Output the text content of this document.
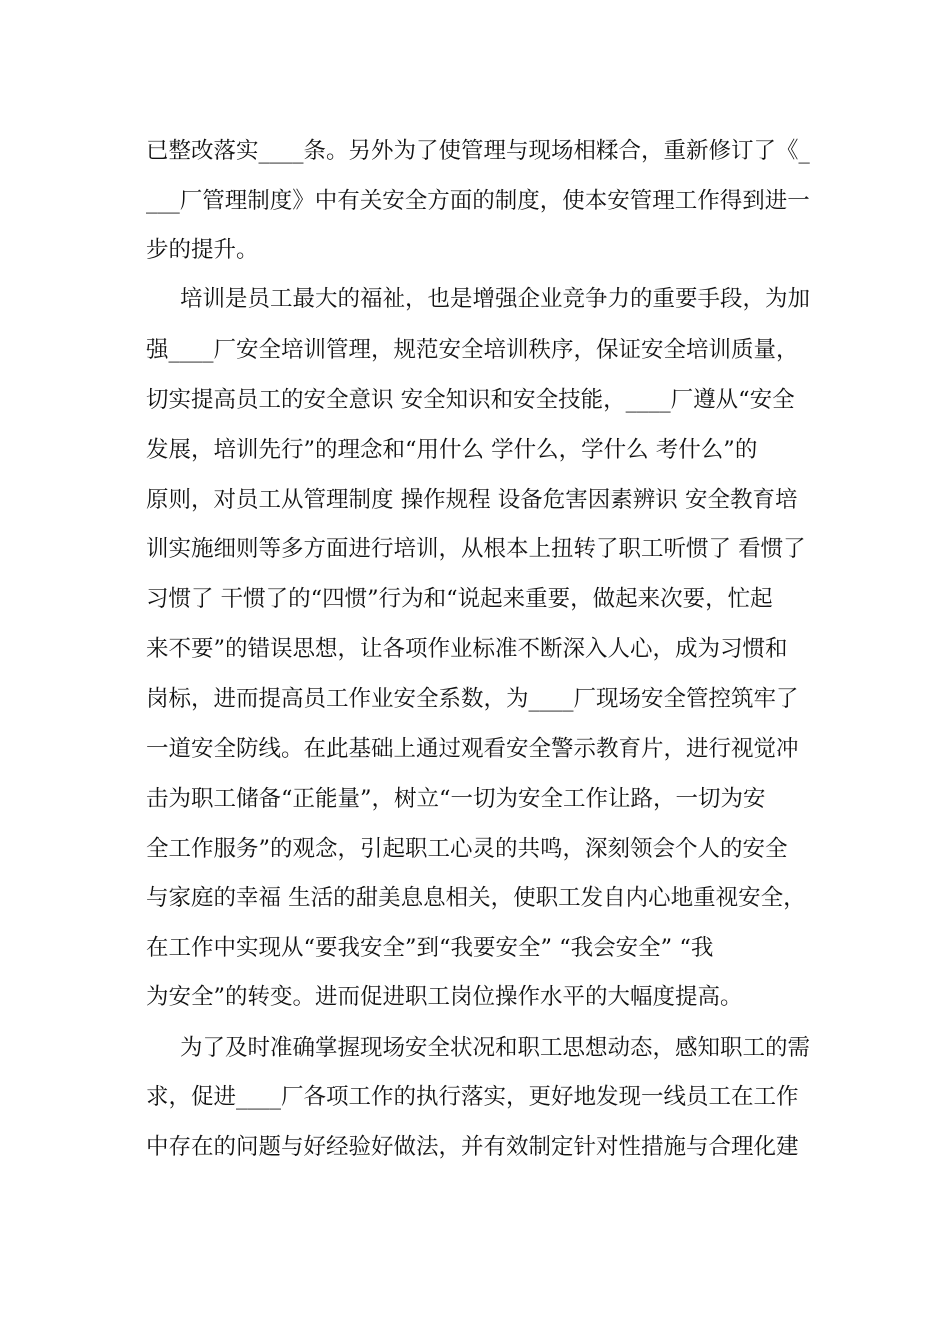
已整改落实____条。另外为了使管理与现场相糅合，重新修订了《_
___厂管理制度》中有关安全方面的制度，使本安管理工作得到进一
步的提升。
培训是员工最大的福祉，也是增强企业竞争力的重要手段，为加
强____厂安全培训管理，规范安全培训秩序，保证安全培训质量，
切实提高员工的安全意识 安全知识和安全技能，____厂遵从“安全
发展，培训先行”的理念和“用什么 学什么，学什么 考什么”的
原则，对员工从管理制度 操作规程 设备危害因素辨识 安全教育培
训实施细则等多方面进行培训，从根本上扭转了职工听惯了 看惯了
习惯了 干惯了的“四惯”行为和“说起来重要，做起来次要，忙起
来不要”的错误思想，让各项作业标准不断深入人心，成为习惯和
岗标，进而提高员工作业安全系数，为____厂现场安全管控筑牢了
一道安全防线。在此基础上通过观看安全警示教育片，进行视觉冲
击为职工储备“正能量”，树立“一切为安全工作让路，一切为安
全工作服务”的观念，引起职工心灵的共鸣，深刻领会个人的安全
与家庭的幸福 生活的甜美息息相关，使职工发自内心地重视安全，
在工作中实现从“要我安全”到“我要安全” “我会安全” “我
为安全”的转变。进而促进职工岗位操作水平的大幅度提高。
为了及时准确掌握现场安全状况和职工思想动态，感知职工的需
求，促进____厂各项工作的执行落实，更好地发现一线员工在工作
中存在的问题与好经验好做法，并有效制定针对性措施与合理化建
